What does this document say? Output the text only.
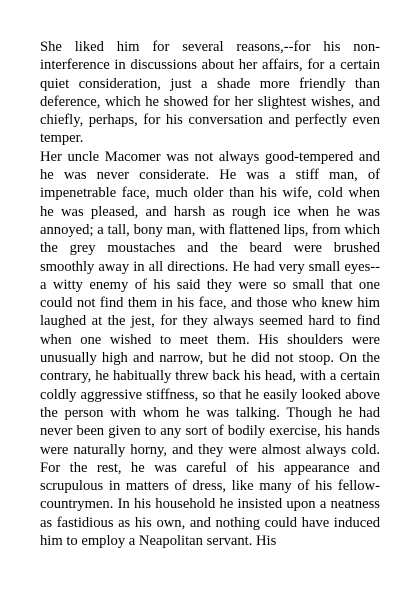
She liked him for several reasons,--for his non-interference in discussions about her affairs, for a certain quiet consideration, just a shade more friendly than deference, which he showed for her slightest wishes, and chiefly, perhaps, for his conversation and perfectly even temper.

Her uncle Macomer was not always good-tempered and he was never considerate. He was a stiff man, of impenetrable face, much older than his wife, cold when he was pleased, and harsh as rough ice when he was annoyed; a tall, bony man, with flattened lips, from which the grey moustaches and the beard were brushed smoothly away in all directions. He had very small eyes--a witty enemy of his said they were so small that one could not find them in his face, and those who knew him laughed at the jest, for they always seemed hard to find when one wished to meet them. His shoulders were unusually high and narrow, but he did not stoop. On the contrary, he habitually threw back his head, with a certain coldly aggressive stiffness, so that he easily looked above the person with whom he was talking. Though he had never been given to any sort of bodily exercise, his hands were naturally horny, and they were almost always cold. For the rest, he was careful of his appearance and scrupulous in matters of dress, like many of his fellow-countrymen. In his household he insisted upon a neatness as fastidious as his own, and nothing could have induced him to employ a Neapolitan servant. His
